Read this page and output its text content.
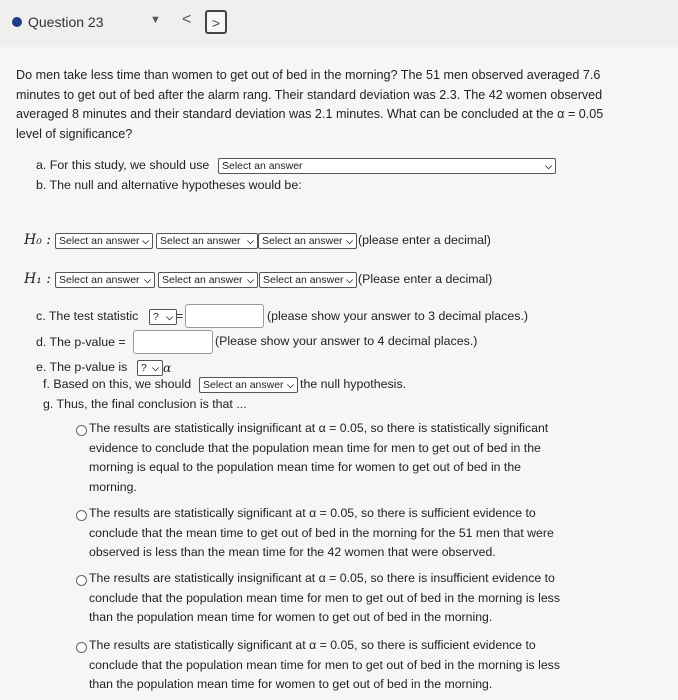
Question 23	▼ <	>
Do men take less time than women to get out of bed in the morning? The 51 men observed averaged 7.6 minutes to get out of bed after the alarm rang. Their standard deviation was 2.3. The 42 women observed averaged 8 minutes and their standard deviation was 2.1 minutes. What can be concluded at the α = 0.05 level of significance?
a. For this study, we should use	Select an answer	⌵
b. The null and alternative hypotheses would be:
H₀ : Select an answer ⌵	Select an answer ⌵ Select an answer ⌵ (please enter a decimal)
H₁ : Select an answer ⌵	Select an answer ⌵ Select an answer ⌵ (Please enter a decimal)
c. The test statistic	? ⌵ =	(please show your answer to 3 decimal places.)
d. The p-value =	(Please show your answer to 4 decimal places.)
e. The p-value is	? ⌵ α
f. Based on this, we should	Select an answer ⌵ the null hypothesis.
g. Thus, the final conclusion is that ...
The results are statistically insignificant at α = 0.05, so there is statistically significant
evidence to conclude that the population mean time for men to get out of bed in the
morning is equal to the population mean time for women to get out of bed in the
morning.
The results are statistically significant at α = 0.05, so there is sufficient evidence to
conclude that the mean time to get out of bed in the morning for the 51 men that were
observed is less than the mean time for the 42 women that were observed.
The results are statistically insignificant at α = 0.05, so there is insufficient evidence to
conclude that the population mean time for men to get out of bed in the morning is less
than the population mean time for women to get out of bed in the morning.
The results are statistically significant at α = 0.05, so there is sufficient evidence to
conclude that the population mean time for men to get out of bed in the morning is less
than the population mean time for women to get out of bed in the morning.
